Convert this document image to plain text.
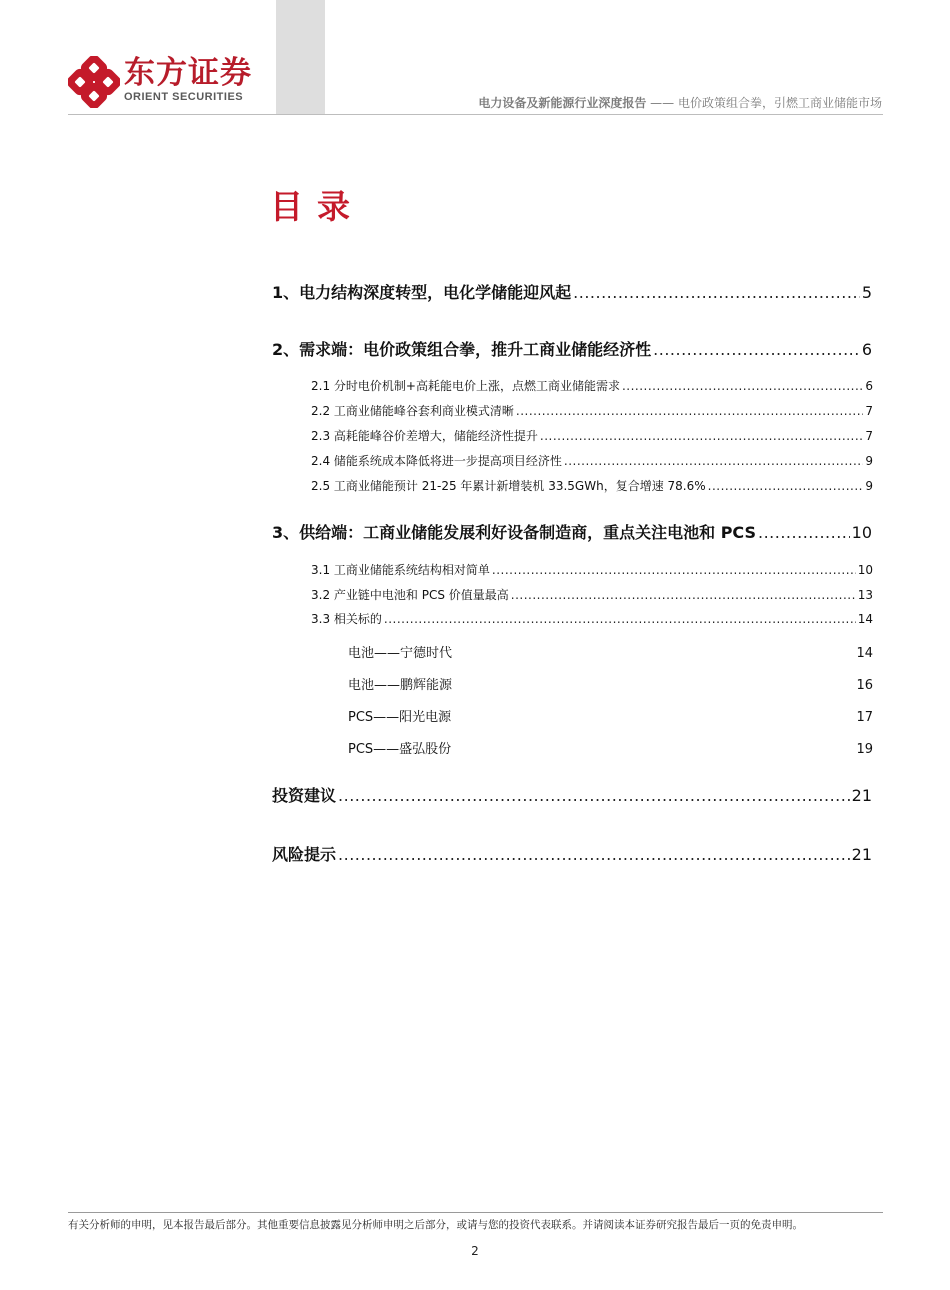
东方证券
ORIENT SECURITIES	电力设备及新能源行业深度报告 —— 电价政策组合拳，引燃工商业储能市场
目录
1、电力结构深度转型，电化学储能迎风起 .....	5
2、需求端：电价政策组合拳，推升工商业储能经济性 .....	6
2.1 分时电价机制+高耗能电价上涨，点燃工商业储能需求 .....	6
2.2 工商业储能峰谷套利商业模式清晰 .....	7
2.3 高耗能峰谷价差增大，储能经济性提升 .....	7
2.4 储能系统成本降低将进一步提高项目经济性 .....	9
2.5 工商业储能预计 21-25 年累计新增装机 33.5GWh，复合增速 78.6% .....	9
3、供给端：工商业储能发展利好设备制造商，重点关注电池和 PCS .....	10
3.1 工商业储能系统结构相对简单 .....	10
3.2 产业链中电池和 PCS 价值量最高 .....	13
3.3 相关标的 .....	14
电池——宁德时代	14
电池——鹏辉能源	16
PCS——阳光电源	17
PCS——盛弘股份	19
投资建议 .....	21
风险提示 .....	21
有关分析师的申明，见本报告最后部分。其他重要信息披露见分析师申明之后部分，或请与您的投资代表联系。并请阅读本证券研究报告最后一页的免责申明。
2
